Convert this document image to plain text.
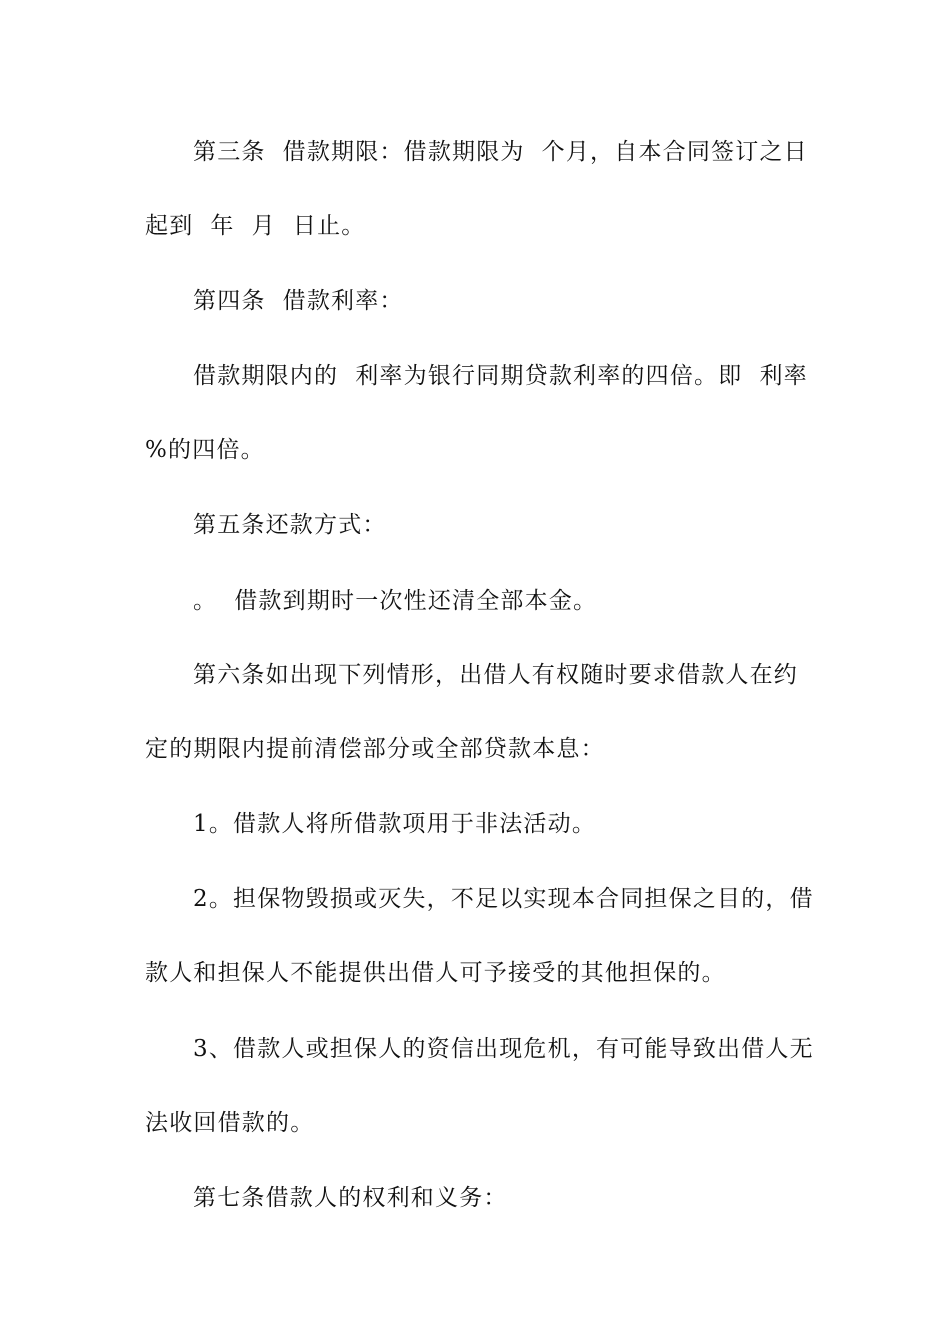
第三条  借款期限：借款期限为  个月，自本合同签订之日
起到  年  月  日止。
第四条  借款利率：
借款期限内的  利率为银行同期贷款利率的四倍。即  利率
%的四倍。
第五条还款方式：
。  借款到期时一次性还清全部本金。
第六条如出现下列情形，出借人有权随时要求借款人在约
定的期限内提前清偿部分或全部贷款本息：
1。借款人将所借款项用于非法活动。
2。担保物毁损或灭失，不足以实现本合同担保之目的，借
款人和担保人不能提供出借人可予接受的其他担保的。
3、借款人或担保人的资信出现危机，有可能导致出借人无
法收回借款的。
第七条借款人的权利和义务：
